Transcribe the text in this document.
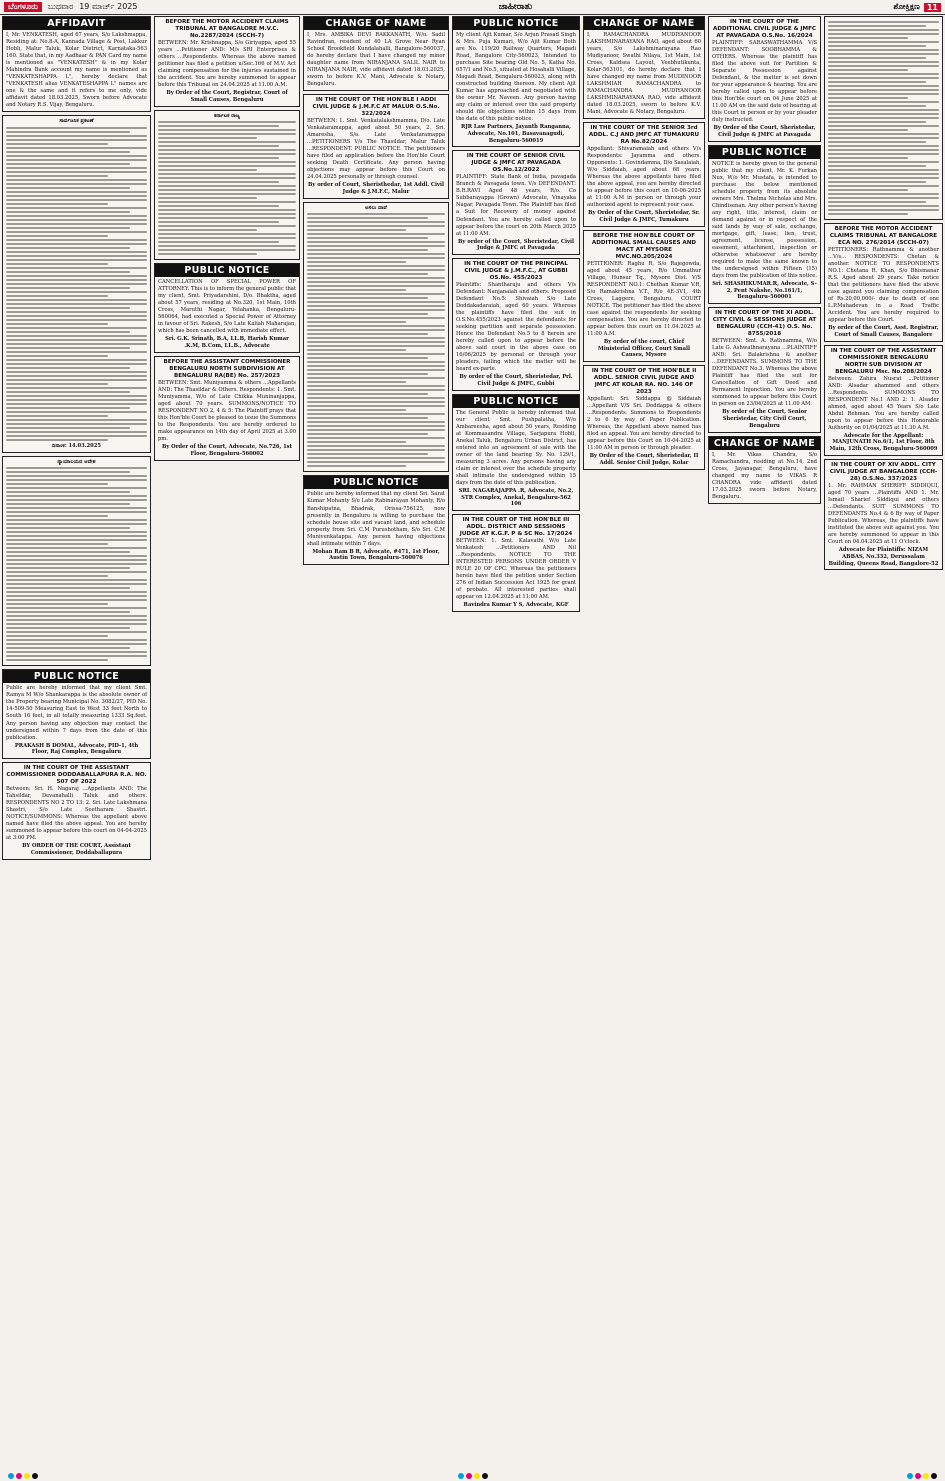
ಬೆಂಗಳೂರು	ಬುಧವಾರ 19 ಮಾರ್ಚ್ 2025	ಜಾಹೀರಾತು	ಶೋಕ್ತಿಕ್ಷಣ 11
AFFIDAVIT
I, Mr. VENKATESH, aged 67 years, S/o Lakshmappa, Residing at: No.8-A, Kannada Village & Post, Lakkur Hobli, Malur Taluk, Kolar District, Karnataka-563 160. State that, in my Aadhaar & PAN Card my name is mentioned as "VENKATESH" & in my Kolar Mahindra Bank account my name is mentioned as "VENKATESHAPPA L", hereby declare that "VENKATESH alias VENKATESHAPPA L" names are one & the same and it refers to me only, vide affidavit dated 18.03.2025, Sworn before Advocate and Notary R.S. Vijay, Bengaluru.
ಸಾರ್ವಜನಿಕ ಪ್ರಕಟಣೆ
ದಿನಾಂಕ: 14.03.2025
ನ್ಯಾಯಾಲಯದ ಆದೇಶ
PUBLIC NOTICE
Public are hereby informed that my client Smt. Ramya M W/o Shankarappa is the absolute owner of the Property bearing Municipal No. 3082/27, PID No. 14-509-50 Measuring East to West 33 feet North to South 16 feet, in all totally measuring 1333 Sq.feet. Any person having any objection may contact the undersigned within 7 days from the date of this publication.
PRAKASH B DOMAL, Advocate, PID-1, 4th Floor, Raj Complex, Bengaluru
IN THE COURT OF THE ASSISTANT COMMISSIONER DODDABALLAPURA R.A. NO. 507 OF 2022
Between: Sri. H. Nagaraj ...Appellants AND: The Tahsildar, Devanahalli Taluk and others. RESPONDENTS NO 2 TO 13: 2. Sri. Late Lakshmana Shastri, S/o Late Seetharam Shastri. NOTICE/SUMMONS: Whereas the appellant above named have filed the above appeal. You are hereby summoned to appear before this court on 04-04-2025 at 3:00 PM.
BY ORDER OF THE COURT, Assistant Commissioner, Doddaballapura
BEFORE THE MOTOR ACCIDENT CLAIMS TRIBUNAL AT BANGALORE M.V.C. No.2287/2024 (SCCH-7)
BETWEEN: Mr. Krishnappa, S/o Giriyappa, aged 55 years ...Petitioner AND: M/s SRI Enterprises & others ...Respondents. Whereas the above named petitioner has filed a petition u/Sec.166 of M.V. Act claiming compensation for the injuries sustained in the accident. You are hereby summoned to appear before this Tribunal on 24.04.2025 at 11.00 A.M.
By Order of the Court, Registrar, Court of Small Causes, Bengaluru
ಕರ್ನಾಟಕ ರಾಜ್ಯ
PUBLIC NOTICE
CANCELLATION OF SPECIAL POWER OF ATTORNEY. This is to inform the general public that my client, Smt. Priyadarshini, D/o. Bhaktha, aged about 57 years, residing at No.320, 1st Main, 10th Cross, Maruthi Nagar, Yelahanka, Bengaluru-560064, had executed a Special Power of Attorney in favour of Sri. Rakesh, S/o Late Kaliah Maharajan, which has been cancelled with immediate effect.
Sri. G.K. Srinath, B.A, LL.B, Harish Kumar .K.M, B.Com, LL.B., Advocate
BEFORE THE ASSISTANT COMMISSIONER BENGALURU NORTH SUBDIVISION AT BENGALURU RA(BE) No. 257/2023
BETWEEN: Smt. Muniyamma & others ...Appellants AND: The Thasildar & Others. Respondents: 1. Smt. Muniyamma, W/o of Late Chikka Muninanjappa, aged about 70 years. SUMMONS/NOTICE TO RESPONDENT NO 2, 4 & 5: The Plaintiff prays that this Hon'ble Court be pleased to issue the Summons to the Respondents. You are hereby ordered to make appearance on 14th day of April 2025 at 3.00 pm.
By Order of the Court, Advocate, No.726, 1st Floor, Bengaluru-560002
CHANGE OF NAME
I, Mrs. AMBIKA DEVI RAKKANATH, W/o. Sadil Ravindran, resident of 40 LA Grove Near Ryan School Brookfield Kundalahalli, Bangalore-560037, do hereby declare that I have changed my minor daughter name from NIRANJANA SALIL NAIR to NIRANJANA NAIR, vide affidavit dated 18.03.2025, sworn to before K.V. Mani, Advocate & Notary, Bengaluru.
IN THE COURT OF THE HON'BLE I ADDI CIVIL JUDGE & J.M.F.C AT MALUR O.S.No. 322/2024
BETWEEN: 1. Smt. Venkatalakshmamma, D/o. Late Venkataramappa, aged about 50 years, 2. Sri. Amaresha, S/o. Late Venkataramappa ...PETITIONERS V/s The Thasildar, Malur Taluk ...RESPONDENT. PUBLIC NOTICE. The petitioners have filed an application before the Hon'ble Court seeking Death Certificate. Any person having objections may appear before this Court on 24.04.2025 personally or through counsel.
By order of Court, Sheristhedar, 1st Addl. Civil Judge & J.M.F.C, Malur
ಅಸಲು ದಾವೆ
PUBLIC NOTICE
Public are hereby informed that my client Sri. Sarat Kumar Mohanty S/o Late Rabinarayan Mohanty, R/o Banshipatna, Bhadrak, Orissa-756125, now presently in Bengaluru is willing to purchase the schedule house site and vacant land, and schedule property from Sri. C.M Purushotham, S/o Sri. C.M Munivenkatappa. Any person having objections shall intimate within 7 days.
Mohan Ram B R, Advocate, #471, 1st Floor, Austin Town, Bengaluru-560076
PUBLIC NOTICE
My client Ajit Kumar, S/o Arjun Prasad Singh & Mrs. Puja Kumari, W/o Ajit Kumar Both are No. 119/20 Railway Quarters, Magadi Road, Bangalore City-560023, Intended to purchase Site bearing Old No. 5, Katha No. 657/1 and No.5, situated at Hosahalli Village, Magadi Road, Bengaluru-560023, along with constructed building thereon. My client Ajit Kumar has approached and negotiated with the owner Mr. Naveen. Any person having any claim or interest over the said property should file objections within 15 days from the date of this public notice.
RJR Law Partners, Jayanth Ranganna, Advocate, No.101, Basavanagudi, Bengaluru-560019
IN THE COURT OF SENIOR CIVIL JUDGE & JMFC AT PAVAGADA OS.No.12/2022
PLAINTIFF: State Bank of India, pavagada Branch & Pavagada town. V/s DEFENDANT: B.R.RAVI Aged 48 years, R/o. Co Subbarayappa (Grown) Advocate, Vinayaka Nagar, Pavagada Town. The Plaintiff has filed a Suit for Recovery of money against Defendant. You are hereby called upon to appear before the court on 20th March 2025 at 11:00 AM.
By order of the Court, Sheristedar, Civil Judge & JMFC at Pavagada
IN THE COURT OF THE PRINCIPAL CIVIL JUDGE & J.M.F.C., AT GUBBI OS.No. 455/2023
Plaintiffs: Shantharaju and others V/s Defendant: Nanjanaiah and others. Proposed Defendant No.5: Shivaiah S/o Late Doddakadaraiah, aged 60 years. Whereas the plaintiffs have filed the suit in O.S.No.455/2023 against the defendants for seeking partition and separate possession. Hence the Defendant No.5 to 8 herein are hereby called upon to appear before the above said court in the above case on 16/06/2025 by personal or through your pleaders, failing which the matter will be heard ex-parte.
By order of the Court, Sheristedar, Prl. Civil Judge & JMFC, Gubbi
PUBLIC NOTICE
The General Public is hereby informed that our client Smt. Pushpalatha, W/o Ambareesha, aged about 50 years, Residing at Kommasandra Village, Sarjapura Hobli, Anekal Taluk, Bengaluru Urban District, has entered into an agreement of sale with the owner of the land bearing Sy. No. 129/1, measuring 3 acres. Any persons having any claim or interest over the schedule property shall intimate the undersigned within 15 days from the date of this publication.
SRI. NAGARAJAPPA .R, Advocate, No.2, STR Complex, Anekal, Bengaluru-562 106
IN THE COURT OF THE HON'BLE III ADDL. DISTRICT AND SESSIONS JUDGE AT K.G.F. P & SC No. 17/2024
BETWEEN: 1. Smt. Kalavathi W/o Late Venkatesh ...Petitioners AND Nil ...Respondents. NOTICE TO THE INTERESTED PERSONS UNDER ORDER V RULE 20 OF CPC. Whereas the petitioners herein have filed the petition under Section 276 of Indian Succession Act 1925 for grant of probate. All interested parties shall appear on 12.04.2025 at 11:00 AM.
Ravindra Kumar Y S, Advocate, KGF
CHANGE OF NAME
I, RAMACHANDRA MUDIYANOOR LAKSHMINARAYANA RAO, aged about 60 years, S/o Lakshminarayana Rao Mudiyanoor, Swathi Nilaya, 1st Main, 1st Cross, Kaldsea Layout, Veebhutikunta, Kolar-563101, do hereby declare that I have changed my name from MUDINOOR LAKSHMIAH RAMACHANDRA to RAMACHANDRA MUDIYANOOR LAKSHMINARAYANA RAO, vide affidavit dated 18.03.2025, sworn to before K.V. Mani, Advocate & Notary, Bengaluru.
IN THE COURT OF THE SENIOR 3rd ADDL. C.J AND JMFC AT TUMAKURU RA No.82/2024
Appellant: Shivaramaiah and others V/s Respondents: Jayamma and others. Opponents: 1. Govindamma, D/o Sasalaiah, W/o Siddaiah, aged about 68 years. Whereas the above appellants have filed the above appeal, you are hereby directed to appear before this court on 10-06-2025 at 11:00 A.M in person or through your authorized agent to represent your case.
By Order of the Court, Sheristedar, Sr. Civil Judge & JMFC, Tumakuru
BEFORE THE HON'BLE COURT OF ADDITIONAL SMALL CAUSES AND MACT AT MYSORE MVC.NO.205/2024
PETITIONER: Raghu R, S/o Rajegowda, aged about 45 years, R/o Ummathur Village, Hunsur Tq., Mysore Dist. V/S RESPONDENT NO.1: Chethan Kumar V.R, S/o Ramakrishna V.T., R/o 4E-3V1, 4th Cross, Laggere, Bengaluru. COURT NOTICE. The petitioner has filed the above case against the respondents for seeking compensation. You are hereby directed to appear before this court on 11.04.2025 at 11:00 A.M.
By order of the court, Chief Ministerial Officer, Court Small Causes, Mysore
IN THE COURT OF THE HON'BLE II ADDL. SENIOR CIVIL JUDGE AND JMFC AT KOLAR RA. NO. 146 OF 2023
Appellant: Sri. Siddappa @ Siddaiah ...Appellant V/S Sri. Doddappa & others ...Respondents. Summons to Respondents 2 to 6 by way of Paper Publication. Whereas, the Appellant above named has filed an appeal. You are hereby directed to appear before this Court on 10-04-2025 at 11:00 AM in person or through pleader.
By Order of the Court, Sheristedar, II Addl. Senior Civil Judge, Kolar
IN THE COURT OF THE ADDITIONAL CIVIL JUDGE & JMFC AT PAVAGADA O.S.No. 16/2024
PLAINTIFF: SARASWATHAMMA V/S DEFENDANT: SOOBHAMMA & OTHERS. Whereas the plaintiff has filed the above suit for Partition & Separate Possession against Defendant, & the matter is set down for your appearance & hearing. You are hereby called upon to appear before this Hon'ble court on 04 June 2025 at 11.00 AM on the said date of hearing at this Court in person or by your pleader duly instructed.
By Order of the Court, Sheristedar, Civil Judge & JMFC at Pavagada
PUBLIC NOTICE
NOTICE is hereby given to the general public that my client, Mr. K. Furkan Nux, W/o Mr. Mustafa, is intended to purchase the below mentioned schedule property from its absolute owners Mrs. Thelma Nicholas and Mrs. Chindisenan. Any other person's having any right, title, interest, claim or demand against or in respect of the said lands by way of sale, exchange, mortgage, gift, lease, lien, trust, agreement, license, possession, easement, attachment, inspection or otherwise whatsoever are hereby required to make the same known to the undersigned within Fifteen (15) days from the publication of this notice.
Sri. SHASHIKUMAR.R, Advocate, S-2, Pent Nakshe, No.161/1, Bengaluru-560001
IN THE COURT OF THE XI ADDL. CITY CIVIL & SESSIONS JUDGE AT BENGALURU (CCH-41) O.S. No. 8755/2018
BETWEEN: Smt. A. Rathnamma, W/o Late G. Ashwathnarayana ...PLAINTIFF AND: Sri. Balakrishna & another ...DEFENDANTS. SUMMONS TO THE DEFENDANT No.3. Whereas the above Plaintiff has filed the suit for Cancellation of Gift Deed and Permanent Injunction. You are hereby summoned to appear before this Court in person on 23/04/2025 at 11.00 AM.
By order of the Court, Senior Sheristedar, City Civil Court, Bengaluru
CHANGE OF NAME
I, Mr. Vikas Chandra, S/o Ramachandra, residing at No.14, 2nd Cross, Jayanagar, Bengaluru, have changed my name to VIKAS R CHANDRA vide affidavit dated 17.03.2025 sworn before Notary, Bengaluru.
BEFORE THE MOTOR ACCIDENT CLAIMS TRIBUNAL AT BANGALORE ECA NO. 276/2014 (SCCH-07)
PETITIONERS: Rathnamma & another ...V/s... RESPONDENTS: Chetan & another. NOTICE TO RESPONDENTS NO.1: Chetana R. Khan, S/o Bhismanar R.S. Aged about 29 years. Take notice that the petitioners have filed the above case against you claiming compensation of Rs.20,00,000/- due to death of one L.P.Mahadevan in a Road Traffic Accident. You are hereby required to appear before this Court.
By order of the Court, Asst. Registrar, Court of Small Causes, Bangalore
IN THE COURT OF THE ASSISTANT COMMISSIONER BENGALURU NORTH SUB DIVISION AT BENGALURU Msc. No.208/2024
Between: Zahira Nusrat ...Petitioner AND: Alsadar ahammed and others ...Respondents. SUMMONS TO RESPONDENT No.1 AND 2: 1. Alsader ahmed, aged about 45 Years S/o Late Abdul Rehman. You are hereby called upon to appear before this Honorable Authority on 01/04/2025 at 11.30 A.M.
Advocate for the Appellant: MANJUNATH No.6/1, 1st Floor, 8th Main, 12th Cross, Bengaluru-560009
IN THE COURT OF XIV ADDL. CITY CIVIL JUDGE AT BANGALORE (CCH-28) O.S.No. 337/2023
1. Mr. RAHMAN SHERIFF SIDDIQUI, aged 70 years ...Plaintiffs AND 1. Mr. Ismail Sharief Siddiqui and others ...Defendants. SUIT SUMMONS TO DEFENDANTS No.4 & 6 By way of Paper Publication. Whereas, the plaintiffs have instituted the above suit against you. You are hereby summoned to appear in this Court on 04.04.2025 at 11 O'clock.
Advocate for Plaintiffs: NIZAM ABBAS, No.332, Derussalam Building, Queens Road, Bangalore-52
